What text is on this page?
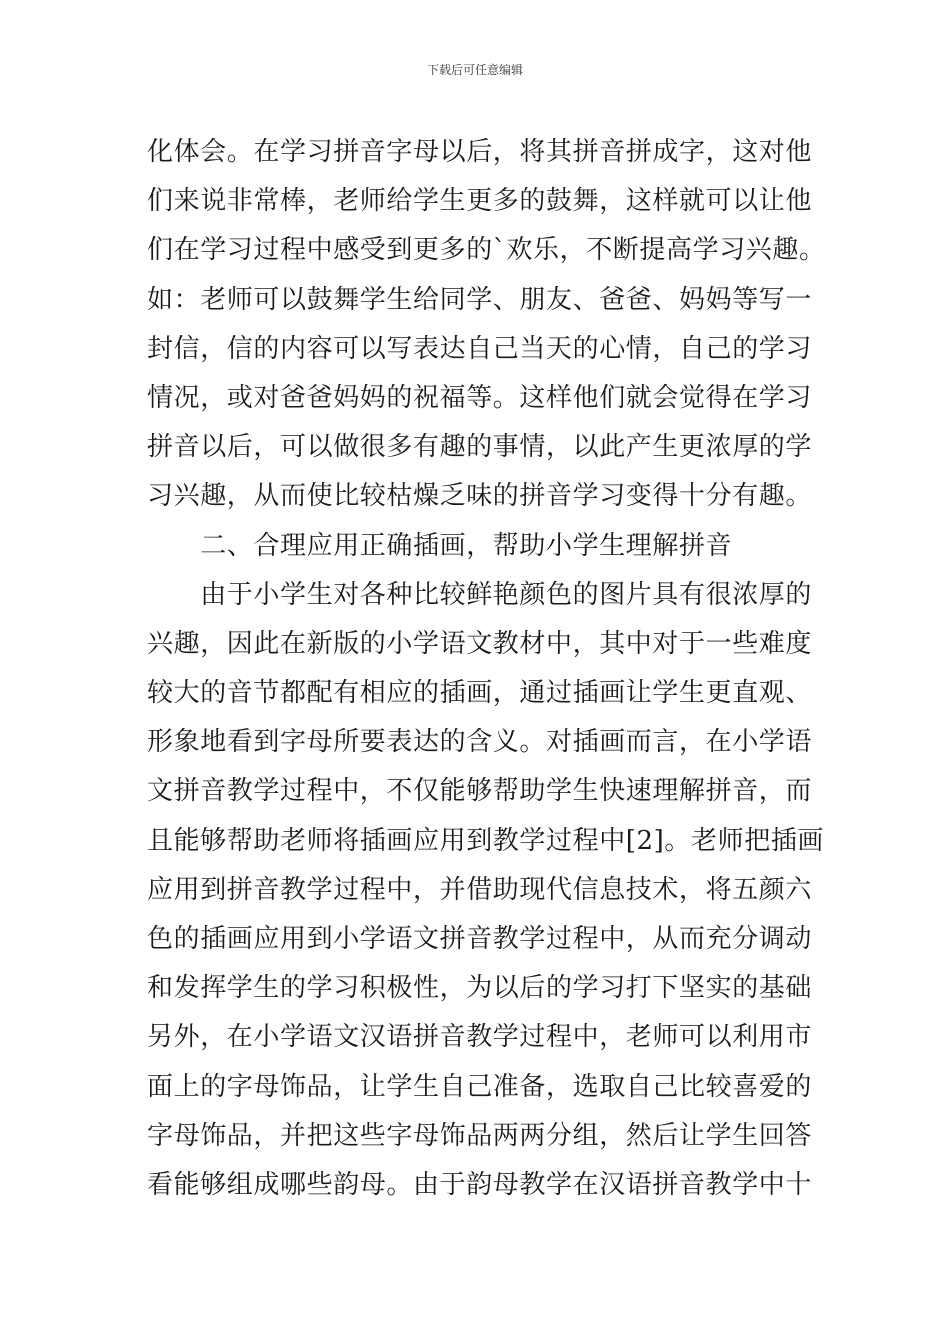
下载后可任意编辑
化体会。在学习拼音字母以后，将其拼音拼成字，这对他
们来说非常棒，老师给学生更多的鼓舞，这样就可以让他
们在学习过程中感受到更多的`欢乐，不断提高学习兴趣。
如：老师可以鼓舞学生给同学、朋友、爸爸、妈妈等写一
封信，信的内容可以写表达自己当天的心情，自己的学习
情况，或对爸爸妈妈的祝福等。这样他们就会觉得在学习
拼音以后，可以做很多有趣的事情，以此产生更浓厚的学
习兴趣，从而使比较枯燥乏味的拼音学习变得十分有趣。
　　二、合理应用正确插画，帮助小学生理解拼音
　　由于小学生对各种比较鲜艳颜色的图片具有很浓厚的
兴趣，因此在新版的小学语文教材中，其中对于一些难度
较大的音节都配有相应的插画，通过插画让学生更直观、
形象地看到字母所要表达的含义。对插画而言，在小学语
文拼音教学过程中，不仅能够帮助学生快速理解拼音，而
且能够帮助老师将插画应用到教学过程中[2]。老师把插画
应用到拼音教学过程中，并借助现代信息技术，将五颜六
色的插画应用到小学语文拼音教学过程中，从而充分调动
和发挥学生的学习积极性，为以后的学习打下坚实的基础
另外，在小学语文汉语拼音教学过程中，老师可以利用市
面上的字母饰品，让学生自己准备，选取自己比较喜爱的
字母饰品，并把这些字母饰品两两分组，然后让学生回答
看能够组成哪些韵母。由于韵母教学在汉语拼音教学中十
